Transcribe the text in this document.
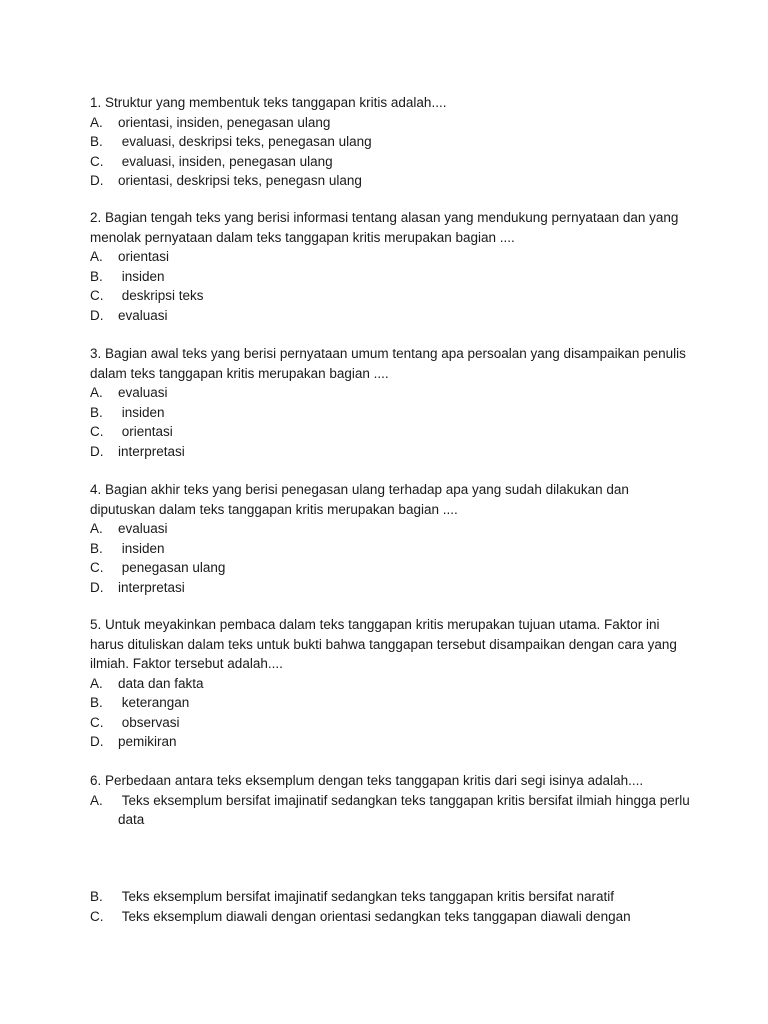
1. Struktur yang membentuk teks tanggapan kritis adalah....
A.	orientasi, insiden, penegasan ulang
B.	evaluasi, deskripsi teks, penegasan ulang
C.	evaluasi, insiden, penegasan ulang
D.	orientasi, deskripsi teks, penegasn ulang
2. Bagian tengah teks yang berisi informasi tentang alasan yang mendukung pernyataan dan yang menolak pernyataan dalam teks tanggapan kritis merupakan bagian ....
A.	orientasi
B.	insiden
C.	deskripsi teks
D.	evaluasi
3. Bagian awal teks yang berisi pernyataan umum tentang apa persoalan yang disampaikan penulis dalam teks tanggapan kritis merupakan bagian ....
A.	evaluasi
B.	insiden
C.	orientasi
D.	interpretasi
4. Bagian akhir teks yang berisi penegasan ulang terhadap apa yang sudah dilakukan dan diputuskan dalam teks tanggapan kritis merupakan bagian ....
A.	evaluasi
B.	insiden
C.	penegasan ulang
D.	interpretasi
5. Untuk meyakinkan pembaca dalam teks tanggapan kritis merupakan tujuan utama. Faktor ini harus dituliskan dalam teks untuk bukti bahwa tanggapan tersebut disampaikan dengan cara yang ilmiah. Faktor tersebut adalah....
A.	data dan fakta
B.	keterangan
C.	observasi
D.	pemikiran
6. Perbedaan antara teks eksemplum dengan teks tanggapan kritis dari segi isinya adalah....
A.	Teks eksemplum bersifat imajinatif sedangkan teks tanggapan kritis bersifat ilmiah hingga perlu data
B.	Teks eksemplum bersifat imajinatif sedangkan teks tanggapan kritis bersifat naratif
C.	Teks eksemplum diawali dengan orientasi sedangkan teks tanggapan diawali dengan
